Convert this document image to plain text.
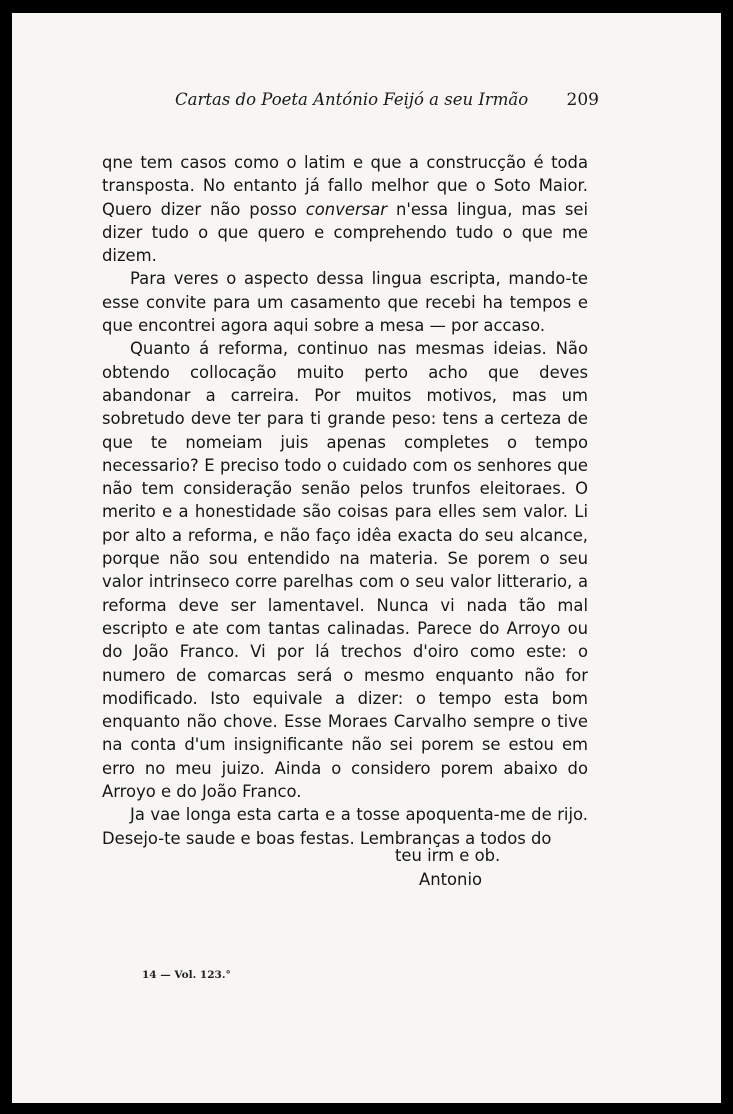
Cartas do Poeta António Feijó a seu Irmão 209

qne tem casos como o latim e que a construcção é toda transposta. No entanto já fallo melhor que o Soto Maior. Quero dizer não posso conversar n'essa lingua, mas sei dizer tudo o que quero e comprehendo tudo o que me dizem.

Para veres o aspecto dessa lingua escripta, mando-te esse convite para um casamento que recebi ha tempos e que encontrei agora aqui sobre a mesa — por accaso.

Quanto á reforma, continuo nas mesmas ideias. Não obtendo collocação muito perto acho que deves abandonar a carreira. Por muitos motivos, mas um sobretudo deve ter para ti grande peso: tens a certeza de que te nomeiam juis apenas completes o tempo necessario? E preciso todo o cuidado com os senhores que não tem consideração senão pelos trunfos eleitoraes. O merito e a honestidade são coisas para elles sem valor. Li por alto a reforma, e não faço idêa exacta do seu alcance, porque não sou entendido na materia. Se porem o seu valor intrinseco corre parelhas com o seu valor litterario, a reforma deve ser lamentavel. Nunca vi nada tão mal escripto e ate com tantas calinadas. Parece do Arroyo ou do João Franco. Vi por lá trechos d'oiro como este: o numero de comarcas será o mesmo enquanto não for modificado. Isto equivale a dizer: o tempo esta bom enquanto não chove. Esse Moraes Carvalho sempre o tive na conta d'um insignificante não sei porem se estou em erro no meu juizo. Ainda o considero porem abaixo do Arroyo e do João Franco.

Ja vae longa esta carta e a tosse apoquenta-me de rijo. Desejo-te saude e boas festas. Lembranças a todos do

teu irm e ob.
Antonio
14 — Vol. 123.°
